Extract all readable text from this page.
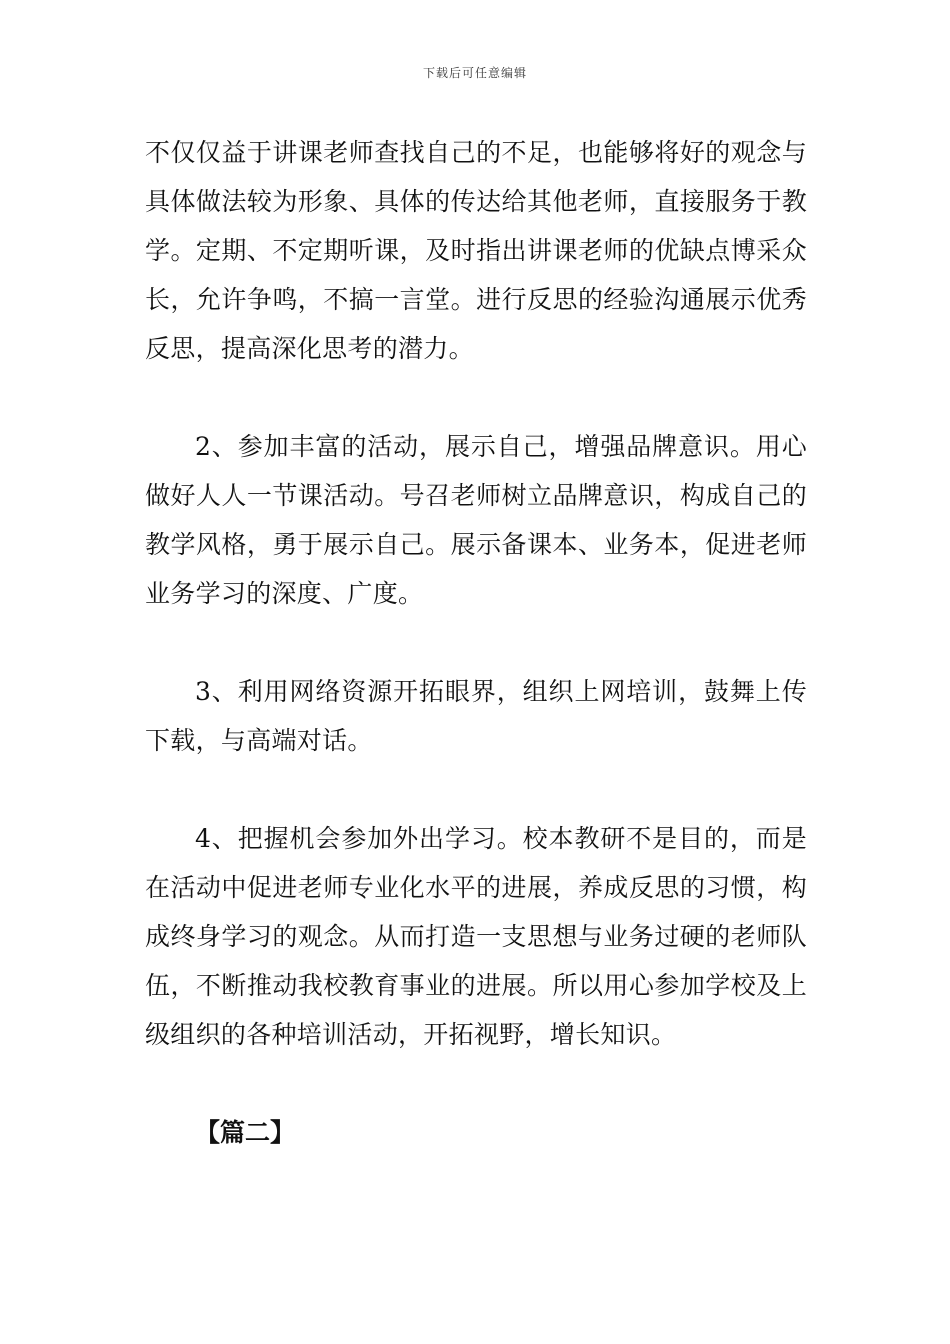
下载后可任意编辑

不仅仅益于讲课老师查找自己的不足，也能够将好的观念与具体做法较为形象、具体的传达给其他老师，直接服务于教学。定期、不定期听课，及时指出讲课老师的优缺点博采众长，允许争鸣，不搞一言堂。进行反思的经验沟通展示优秀反思，提高深化思考的潜力。

2、参加丰富的活动，展示自己，增强品牌意识。用心做好人人一节课活动。号召老师树立品牌意识，构成自己的教学风格，勇于展示自己。展示备课本、业务本，促进老师业务学习的深度、广度。

3、利用网络资源开拓眼界，组织上网培训，鼓舞上传下载，与高端对话。

4、把握机会参加外出学习。校本教研不是目的，而是在活动中促进老师专业化水平的进展，养成反思的习惯，构成终身学习的观念。从而打造一支思想与业务过硬的老师队伍，不断推动我校教育事业的进展。所以用心参加学校及上级组织的各种培训活动，开拓视野，增长知识。

【篇二】
